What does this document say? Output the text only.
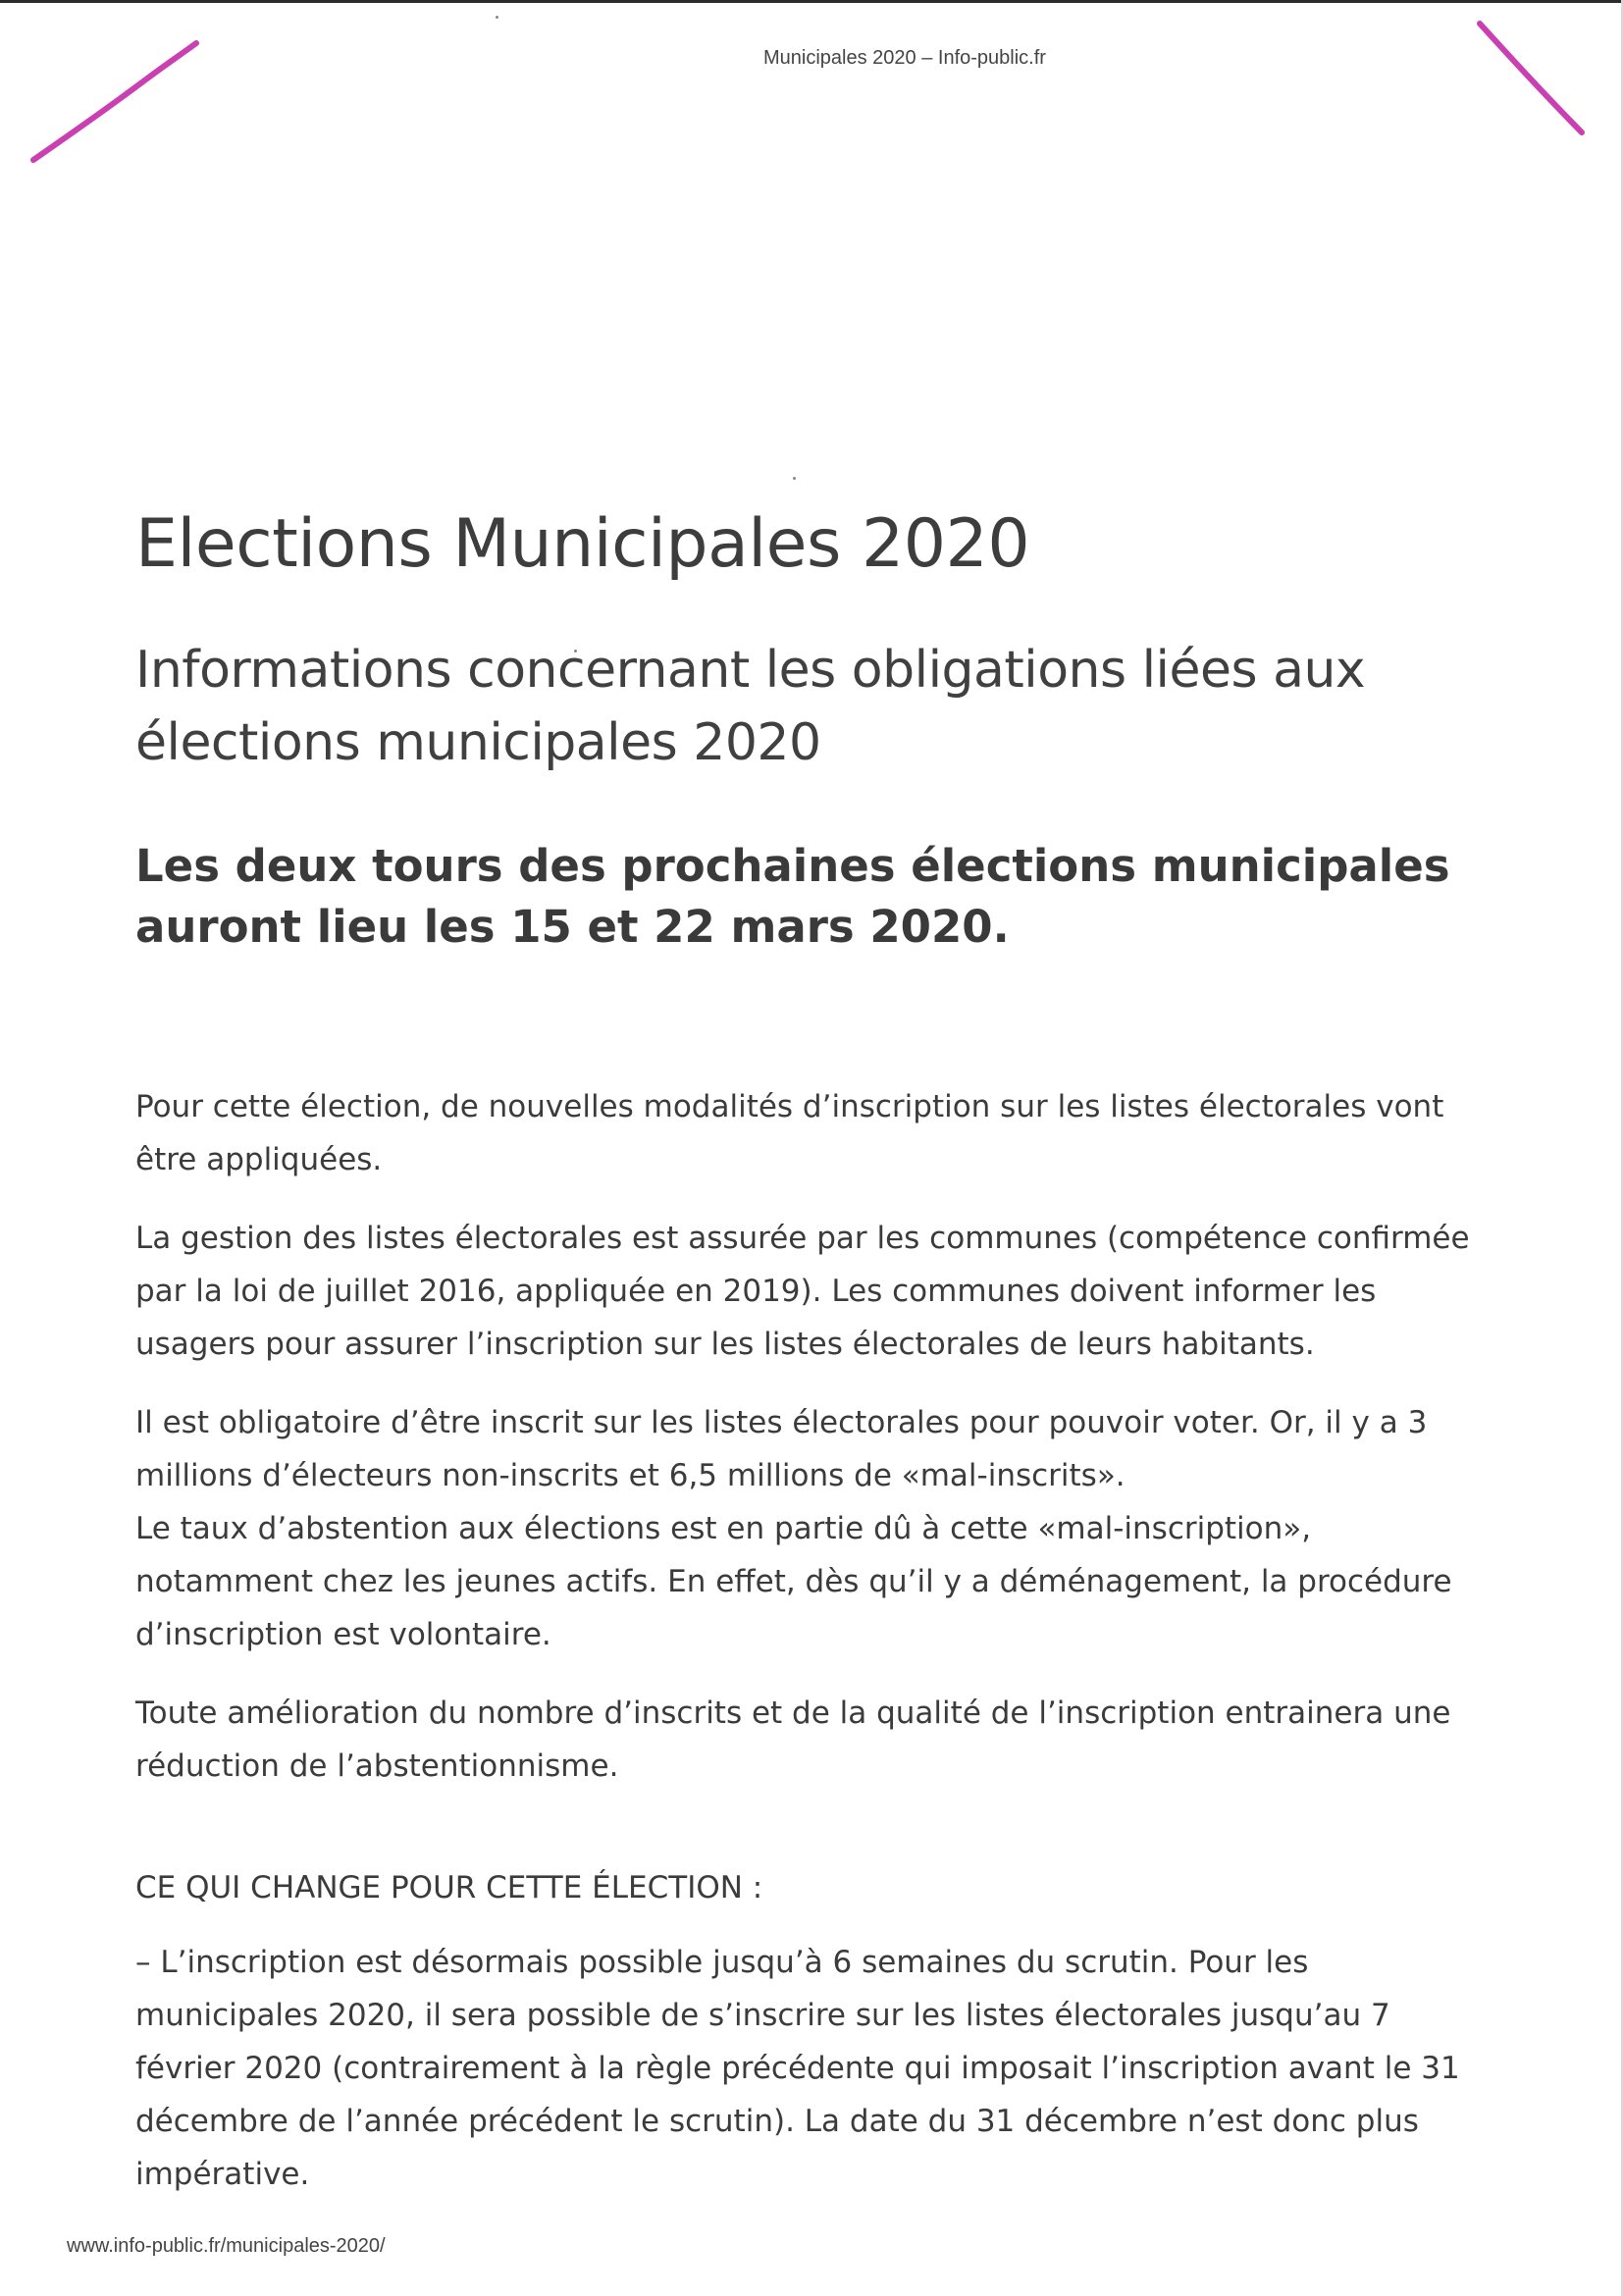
Municipales 2020 – Info-public.fr
Elections Municipales 2020
Informations concernant les obligations liées aux élections municipales 2020
Les deux tours des prochaines élections municipales auront lieu les 15 et 22 mars 2020.

Pour cette élection, de nouvelles modalités d’inscription sur les listes électorales vont être appliquées.

La gestion des listes électorales est assurée par les communes (compétence confirmée par la loi de juillet 2016, appliquée en 2019). Les communes doivent informer les usagers pour assurer l’inscription sur les listes électorales de leurs habitants.

Il est obligatoire d’être inscrit sur les listes électorales pour pouvoir voter. Or, il y a 3 millions d’électeurs non-inscrits et 6,5 millions de «mal-inscrits».

Le taux d’abstention aux élections est en partie dû à cette «mal-inscription», notamment chez les jeunes actifs. En effet, dès qu’il y a déménagement, la procédure d’inscription est volontaire.

Toute amélioration du nombre d’inscrits et de la qualité de l’inscription entrainera une réduction de l’abstentionnisme.

CE QUI CHANGE POUR CETTE ÉLECTION :

– L’inscription est désormais possible jusqu’à 6 semaines du scrutin. Pour les municipales 2020, il sera possible de s’inscrire sur les listes électorales jusqu’au 7 février 2020 (contrairement à la règle précédente qui imposait l’inscription avant le 31 décembre de l’année précédent le scrutin). La date du 31 décembre n’est donc plus impérative.

www.info-public.fr/municipales-2020/
